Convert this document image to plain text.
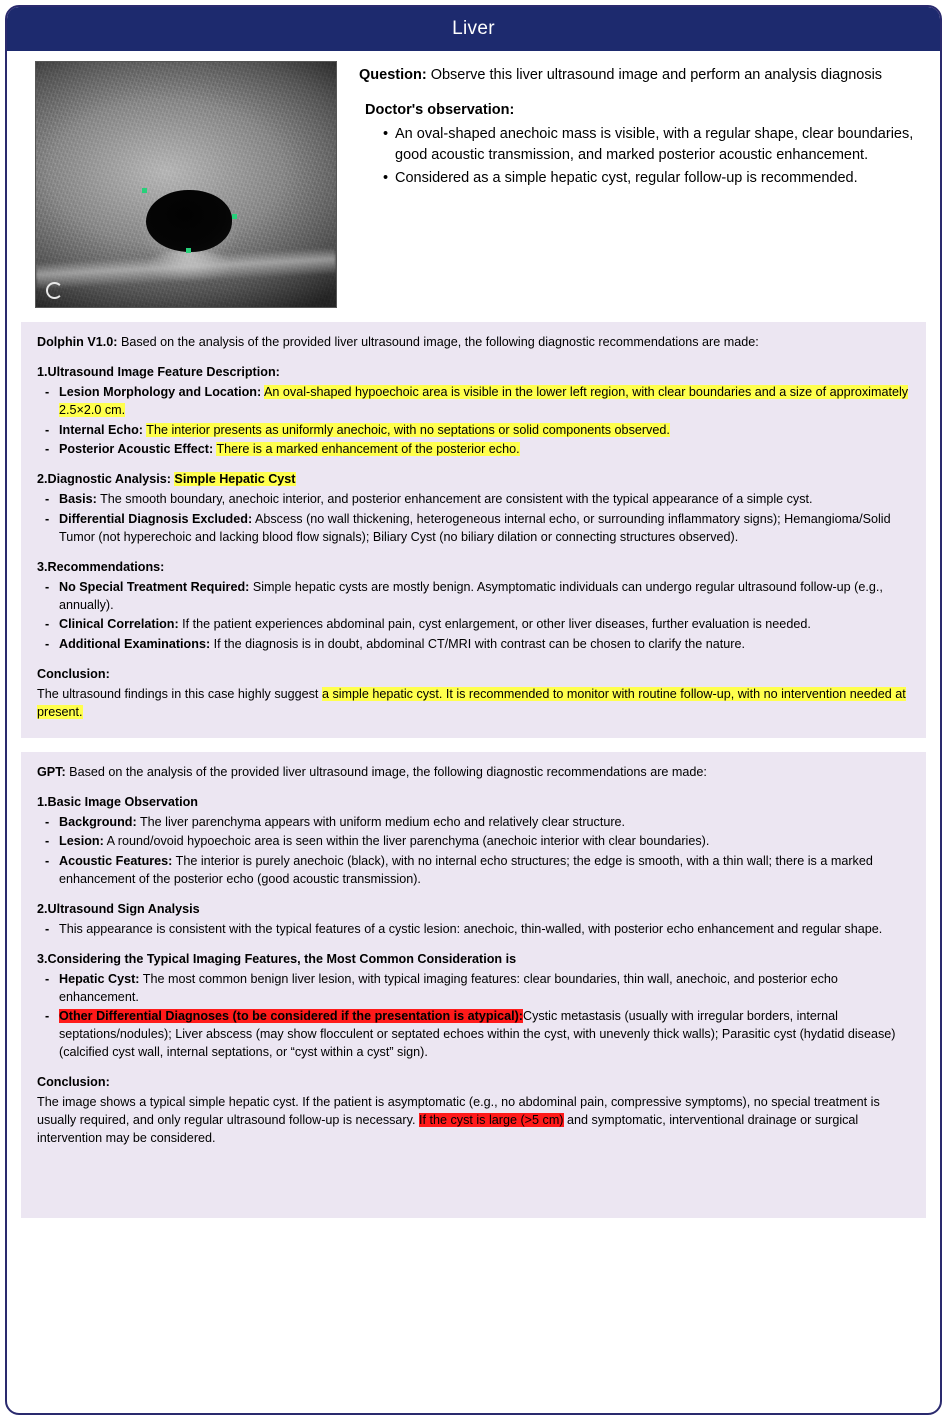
Liver

Question: Observe this liver ultrasound image and perform an analysis diagnosis

Doctor's observation:
• An oval-shaped anechoic mass is visible, with a regular shape, clear boundaries, good acoustic transmission, and marked posterior acoustic enhancement.
• Considered as a simple hepatic cyst, regular follow-up is recommended.

Dolphin V1.0: Based on the analysis of the provided liver ultrasound image, the following diagnostic recommendations are made:

1.Ultrasound Image Feature Description:
- Lesion Morphology and Location: An oval-shaped hypoechoic area is visible in the lower left region, with clear boundaries and a size of approximately 2.5×2.0 cm.
- Internal Echo: The interior presents as uniformly anechoic, with no septations or solid components observed.
- Posterior Acoustic Effect: There is a marked enhancement of the posterior echo.
2.Diagnostic Analysis: Simple Hepatic Cyst
- Basis: The smooth boundary, anechoic interior, and posterior enhancement are consistent with the typical appearance of a simple cyst.
- Differential Diagnosis Excluded: Abscess (no wall thickening, heterogeneous internal echo, or surrounding inflammatory signs); Hemangioma/Solid Tumor (not hyperechoic and lacking blood flow signals); Biliary Cyst (no biliary dilation or connecting structures observed).
3.Recommendations:
- No Special Treatment Required: Simple hepatic cysts are mostly benign. Asymptomatic individuals can undergo regular ultrasound follow-up (e.g., annually).
- Clinical Correlation: If the patient experiences abdominal pain, cyst enlargement, or other liver diseases, further evaluation is needed.
- Additional Examinations: If the diagnosis is in doubt, abdominal CT/MRI with contrast can be chosen to clarify the nature.
Conclusion:

The ultrasound findings in this case highly suggest a simple hepatic cyst. It is recommended to monitor with routine follow-up, with no intervention needed at present.

GPT: Based on the analysis of the provided liver ultrasound image, the following diagnostic recommendations are made:

1.Basic Image Observation
- Background: The liver parenchyma appears with uniform medium echo and relatively clear structure.
- Lesion: A round/ovoid hypoechoic area is seen within the liver parenchyma (anechoic interior with clear boundaries).
- Acoustic Features: The interior is purely anechoic (black), with no internal echo structures; the edge is smooth, with a thin wall; there is a marked enhancement of the posterior echo (good acoustic transmission).
2.Ultrasound Sign Analysis
- This appearance is consistent with the typical features of a cystic lesion: anechoic, thin-walled, with posterior echo enhancement and regular shape.
3.Considering the Typical Imaging Features, the Most Common Consideration is
- Hepatic Cyst: The most common benign liver lesion, with typical imaging features: clear boundaries, thin wall, anechoic, and posterior echo enhancement.
- Other Differential Diagnoses (to be considered if the presentation is atypical):Cystic metastasis (usually with irregular borders, internal septations/nodules); Liver abscess (may show flocculent or septated echoes within the cyst, with unevenly thick walls); Parasitic cyst (hydatid disease) (calcified cyst wall, internal septations, or “cyst within a cyst” sign).
Conclusion:

The image shows a typical simple hepatic cyst. If the patient is asymptomatic (e.g., no abdominal pain, compressive symptoms), no special treatment is usually required, and only regular ultrasound follow-up is necessary. If the cyst is large (>5 cm) and symptomatic, interventional drainage or surgical intervention may be considered.
